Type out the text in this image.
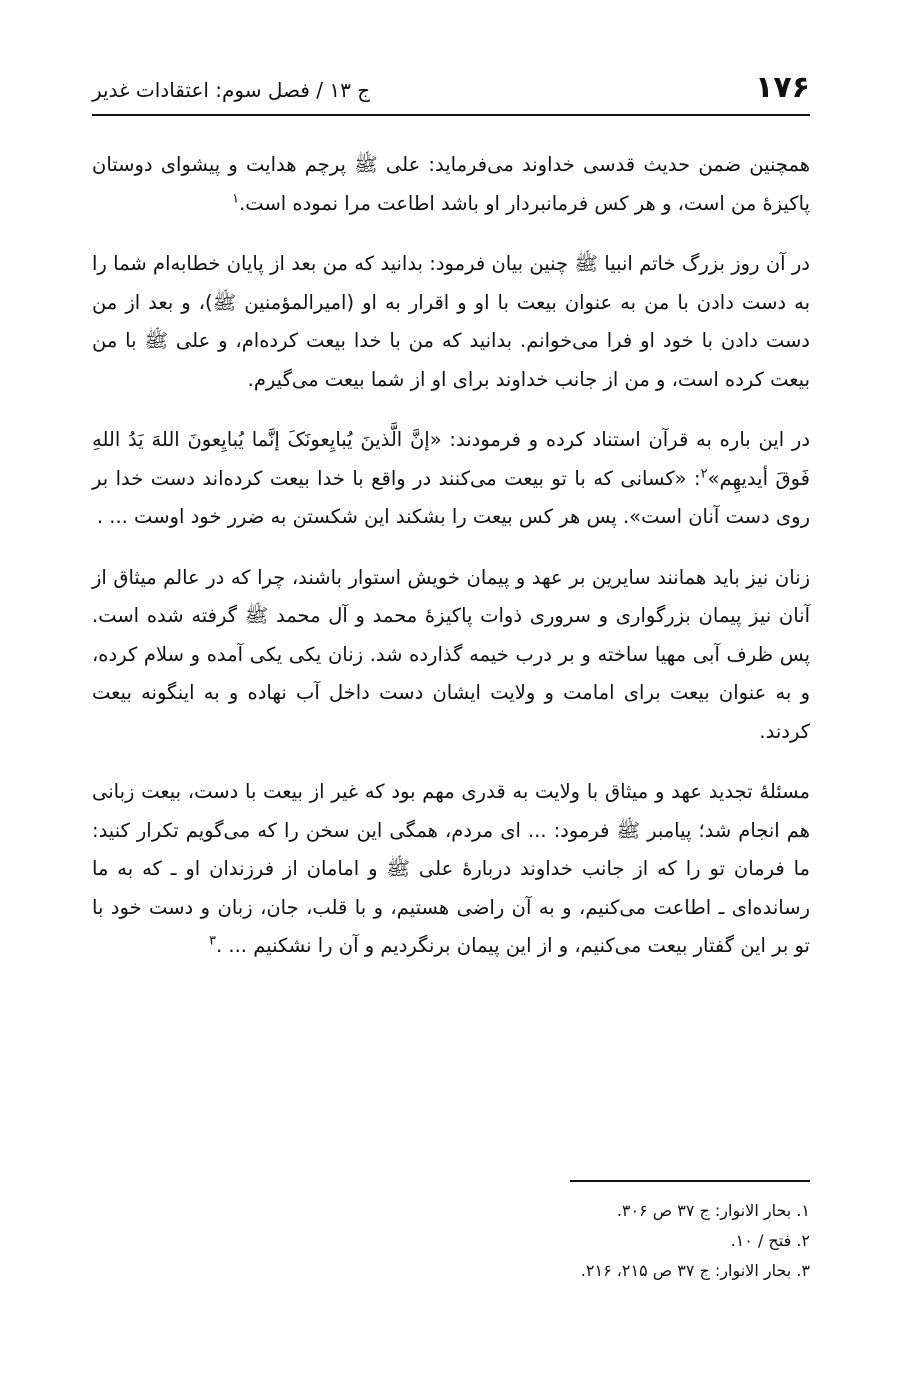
۱۷۶
ج ۱۳ / فصل سوم: اعتقادات غدیر

همچنین ضمن حدیث قدسی خداوند می‌فرماید: علی ﷺ پرچم هدایت و پیشوای دوستان پاکیزهٔ من است، و هر کس فرمانبردار او باشد اطاعت مرا نموده است.$^۱$

در آن روز بزرگ خاتم انبیا ﷺ چنین بیان فرمود: بدانید که من بعد از پایان خطابه‌ام شما را به دست دادن با من به عنوان بیعت با او و اقرار به او (امیرالمؤمنین ﷺ)، و بعد از من دست دادن با خود او فرا می‌خوانم. بدانید که من با خدا بیعت کرده‌ام، و علی ﷺ با من بیعت کرده است، و من از جانب خداوند برای او از شما بیعت می‌گیرم.

در این باره به قرآن استناد کرده و فرمودند: «إنَّ الَّذینَ یُبایِعونَکَ إنَّما یُبایِعونَ اللهَ یَدُ اللهِ فَوقَ أیدیهِم»$^۲$: «کسانی که با تو بیعت می‌کنند در واقع با خدا بیعت کرده‌اند دست خدا بر روی دست آنان است». پس هر کس بیعت را بشکند این شکستن به ضرر خود اوست ... .

زنان نیز باید همانند سایرین بر عهد و پیمان خویش استوار باشند، چرا که در عالم میثاق از آنان نیز پیمان بزرگواری و سروری ذوات پاکیزهٔ محمد و آل محمد ﷺ گرفته شده است. پس ظرف آبی مهیا ساخته و بر درب خیمه گذارده شد. زنان یکی یکی آمده و سلام کرده، و به عنوان بیعت برای امامت و ولایت ایشان دست داخل آب نهاده و به اینگونه بیعت کردند.

مسئلهٔ تجدید عهد و میثاق با ولایت به قدری مهم بود که غیر از بیعت با دست، بیعت زبانی هم انجام شد؛ پیامبر ﷺ فرمود: ... ای مردم، همگی این سخن را که می‌گویم تکرار کنید: ما فرمان تو را که از جانب خداوند دربارهٔ علی ﷺ و امامان از فرزندان او ـ که به ما رسانده‌ای ـ اطاعت می‌کنیم، و به آن راضی هستیم، و با قلب، جان، زبان و دست خود با تو بر این گفتار بیعت می‌کنیم، و از این پیمان برنگردیم و آن را نشکنیم ... .$^۳$

۱. بحار الانوار: ج ۳۷ ص ۳۰۶.
۲. فتح / ۱۰.
۳. بحار الانوار: ج ۳۷ ص ۲۱۵، ۲۱۶.
